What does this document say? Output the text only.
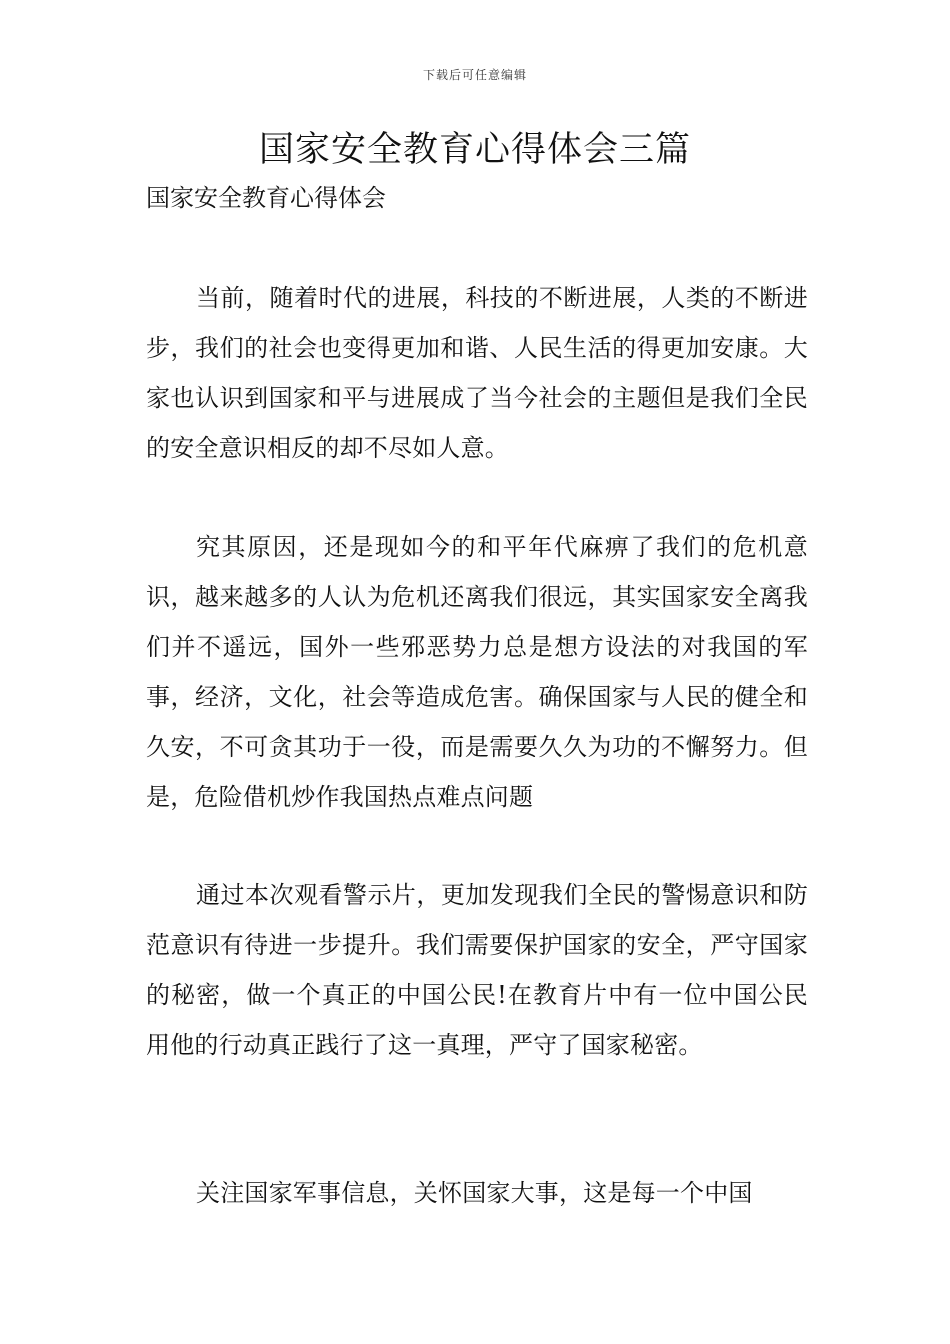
下载后可任意编辑
国家安全教育心得体会三篇
国家安全教育心得体会

当前，随着时代的进展，科技的不断进展，人类的不断进步，我们的社会也变得更加和谐、人民生活的得更加安康。大家也认识到国家和平与进展成了当今社会的主题但是我们全民的安全意识相反的却不尽如人意。

究其原因，还是现如今的和平年代麻痹了我们的危机意识，越来越多的人认为危机还离我们很远，其实国家安全离我们并不遥远，国外一些邪恶势力总是想方设法的对我国的军事，经济，文化，社会等造成危害。确保国家与人民的健全和久安，不可贪其功于一役，而是需要久久为功的不懈努力。但是，危险借机炒作我国热点难点问题

通过本次观看警示片，更加发现我们全民的警惕意识和防范意识有待进一步提升。我们需要保护国家的安全，严守国家的秘密，做一个真正的中国公民!在教育片中有一位中国公民用他的行动真正践行了这一真理，严守了国家秘密。

关注国家军事信息，关怀国家大事，这是每一个中国
